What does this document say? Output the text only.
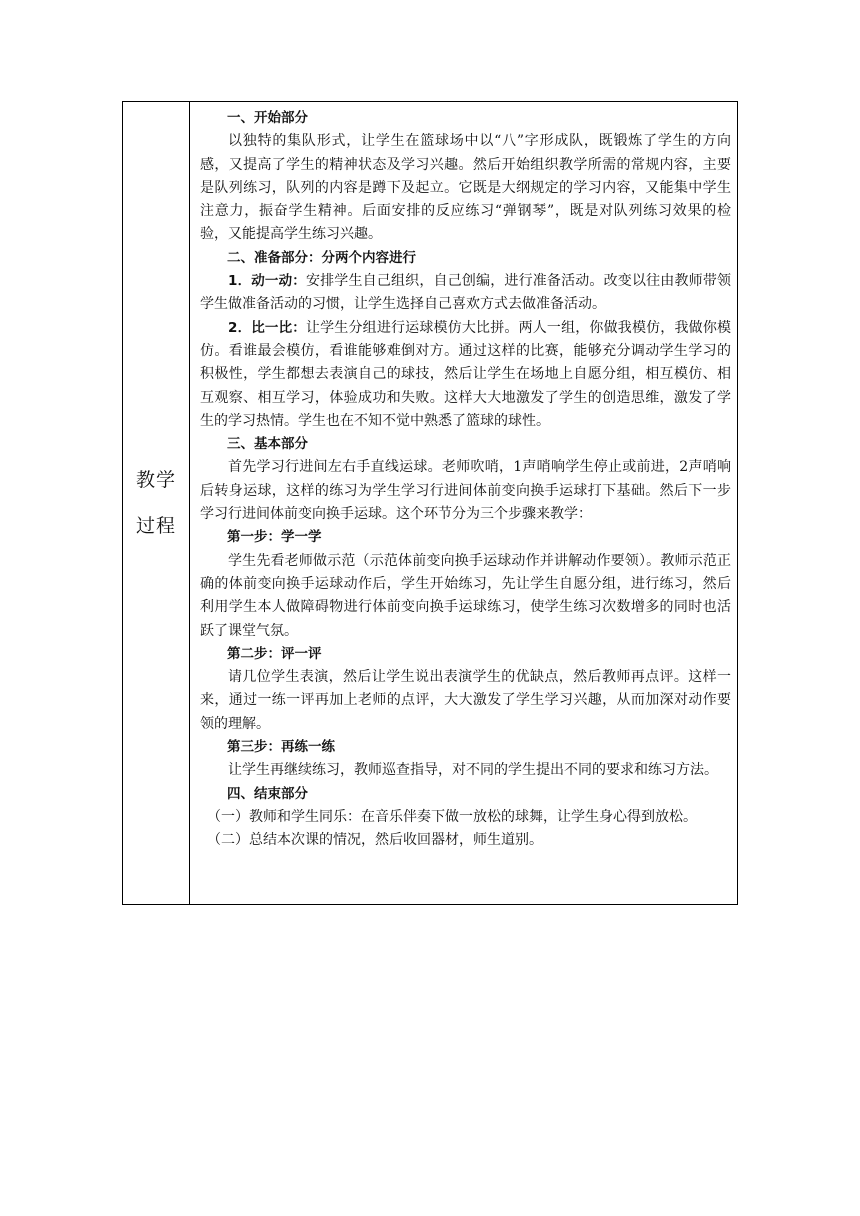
教学
过程

一、开始部分

以独特的集队形式，让学生在篮球场中以“八”字形成队，既锻炼了学生的方向感，又提高了学生的精神状态及学习兴趣。然后开始组织教学所需的常规内容，主要是队列练习，队列的内容是蹲下及起立。它既是大纲规定的学习内容，又能集中学生注意力，振奋学生精神。后面安排的反应练习“弹钢琴”，既是对队列练习效果的检验，又能提高学生练习兴趣。

二、准备部分：分两个内容进行

1．动一动：安排学生自己组织，自己创编，进行准备活动。改变以往由教师带领学生做准备活动的习惯，让学生选择自己喜欢方式去做准备活动。

2．比一比：让学生分组进行运球模仿大比拼。两人一组，你做我模仿，我做你模仿。看谁最会模仿，看谁能够难倒对方。通过这样的比赛，能够充分调动学生学习的积极性，学生都想去表演自己的球技，然后让学生在场地上自愿分组，相互模仿、相互观察、相互学习，体验成功和失败。这样大大地激发了学生的创造思维，激发了学生的学习热情。学生也在不知不觉中熟悉了篮球的球性。

三、基本部分

首先学习行进间左右手直线运球。老师吹哨，1声哨响学生停止或前进，2声哨响后转身运球，这样的练习为学生学习行进间体前变向换手运球打下基础。然后下一步学习行进间体前变向换手运球。这个环节分为三个步骤来教学：

第一步：学一学

学生先看老师做示范（示范体前变向换手运球动作并讲解动作要领）。教师示范正确的体前变向换手运球动作后，学生开始练习，先让学生自愿分组，进行练习，然后利用学生本人做障碍物进行体前变向换手运球练习，使学生练习次数增多的同时也活跃了课堂气氛。

第二步：评一评

请几位学生表演，然后让学生说出表演学生的优缺点，然后教师再点评。这样一来，通过一练一评再加上老师的点评，大大激发了学生学习兴趣，从而加深对动作要领的理解。

第三步：再练一练

让学生再继续练习，教师巡查指导，对不同的学生提出不同的要求和练习方法。

四、结束部分

（一）教师和学生同乐：在音乐伴奏下做一放松的球舞，让学生身心得到放松。

（二）总结本次课的情况，然后收回器材，师生道别。
